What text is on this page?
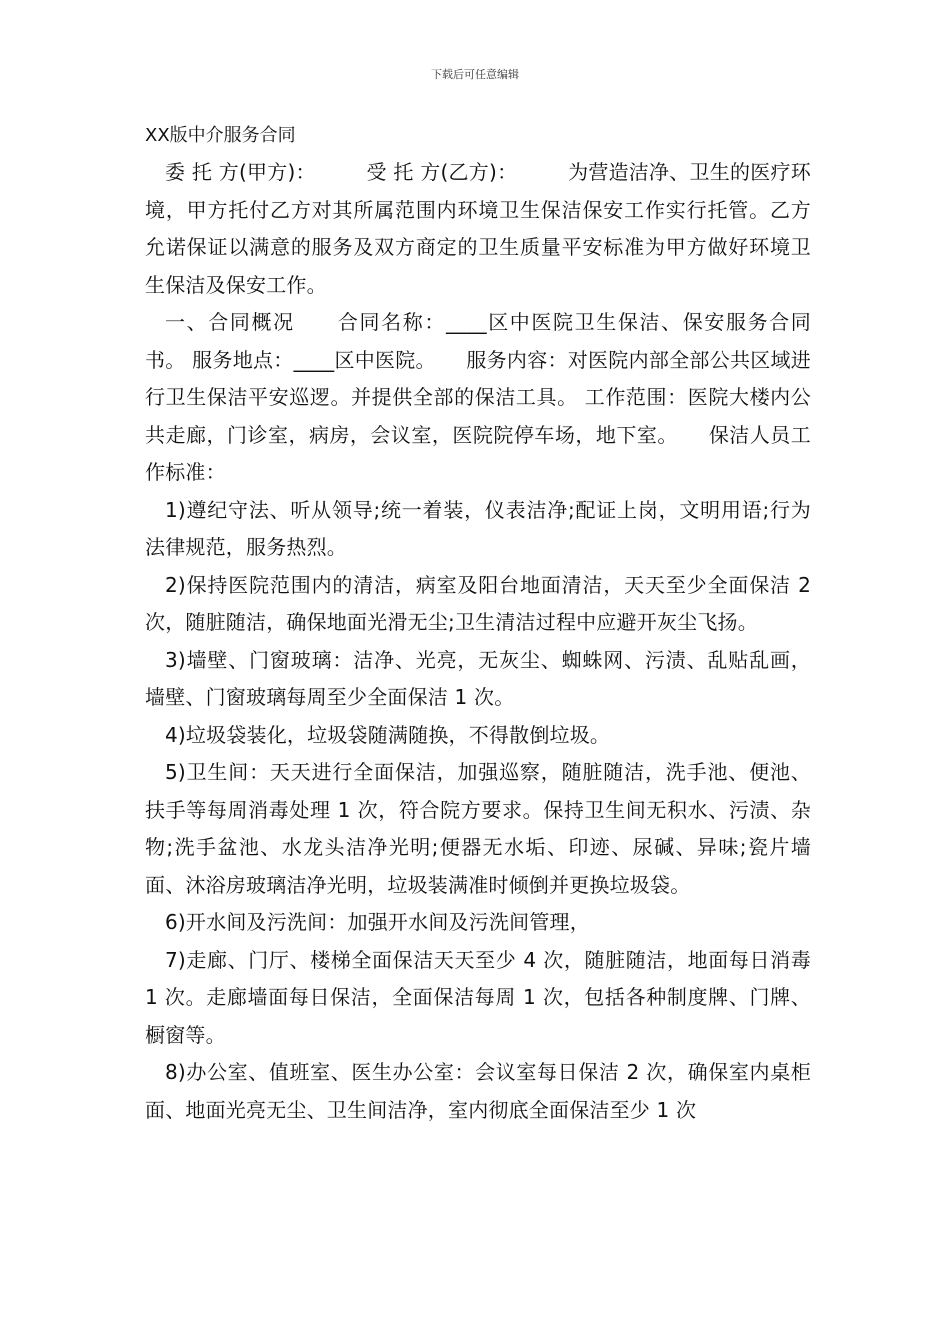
下载后可任意编辑

XX版中介服务合同

委 托 方(甲方)：　　　受 托 方(乙方)：　　　为营造洁净、卫生的医疗环境，甲方托付乙方对其所属范围内环境卫生保洁保安工作实行托管。乙方允诺保证以满意的服务及双方商定的卫生质量平安标准为甲方做好环境卫生保洁及保安工作。

一、合同概况　　合同名称：____区中医院卫生保洁、保安服务合同书。 服务地点：____区中医院。　　服务内容：对医院内部全部公共区域进行卫生保洁平安巡逻。并提供全部的保洁工具。 工作范围：医院大楼内公共走廊，门诊室，病房，会议室，医院院停车场，地下室。　　保洁人员工作标准：

1)遵纪守法、听从领导;统一着装，仪表洁净;配证上岗，文明用语;行为法律规范，服务热烈。

2)保持医院范围内的清洁，病室及阳台地面清洁，天天至少全面保洁 2 次，随脏随洁，确保地面光滑无尘;卫生清洁过程中应避开灰尘飞扬。

3)墙壁、门窗玻璃：洁净、光亮，无灰尘、蜘蛛网、污渍、乱贴乱画，墙壁、门窗玻璃每周至少全面保洁 1 次。

4)垃圾袋装化，垃圾袋随满随换，不得散倒垃圾。

5)卫生间：天天进行全面保洁，加强巡察，随脏随洁，洗手池、便池、扶手等每周消毒处理 1 次，符合院方要求。保持卫生间无积水、污渍、杂物;洗手盆池、水龙头洁净光明;便器无水垢、印迹、尿碱、异味;瓷片墙面、沐浴房玻璃洁净光明，垃圾装满准时倾倒并更换垃圾袋。

6)开水间及污洗间：加强开水间及污洗间管理，

7)走廊、门厅、楼梯全面保洁天天至少 4 次，随脏随洁，地面每日消毒 1 次。走廊墙面每日保洁，全面保洁每周 1 次，包括各种制度牌、门牌、橱窗等。

8)办公室、值班室、医生办公室：会议室每日保洁 2 次，确保室内桌柜面、地面光亮无尘、卫生间洁净，室内彻底全面保洁至少 1 次
